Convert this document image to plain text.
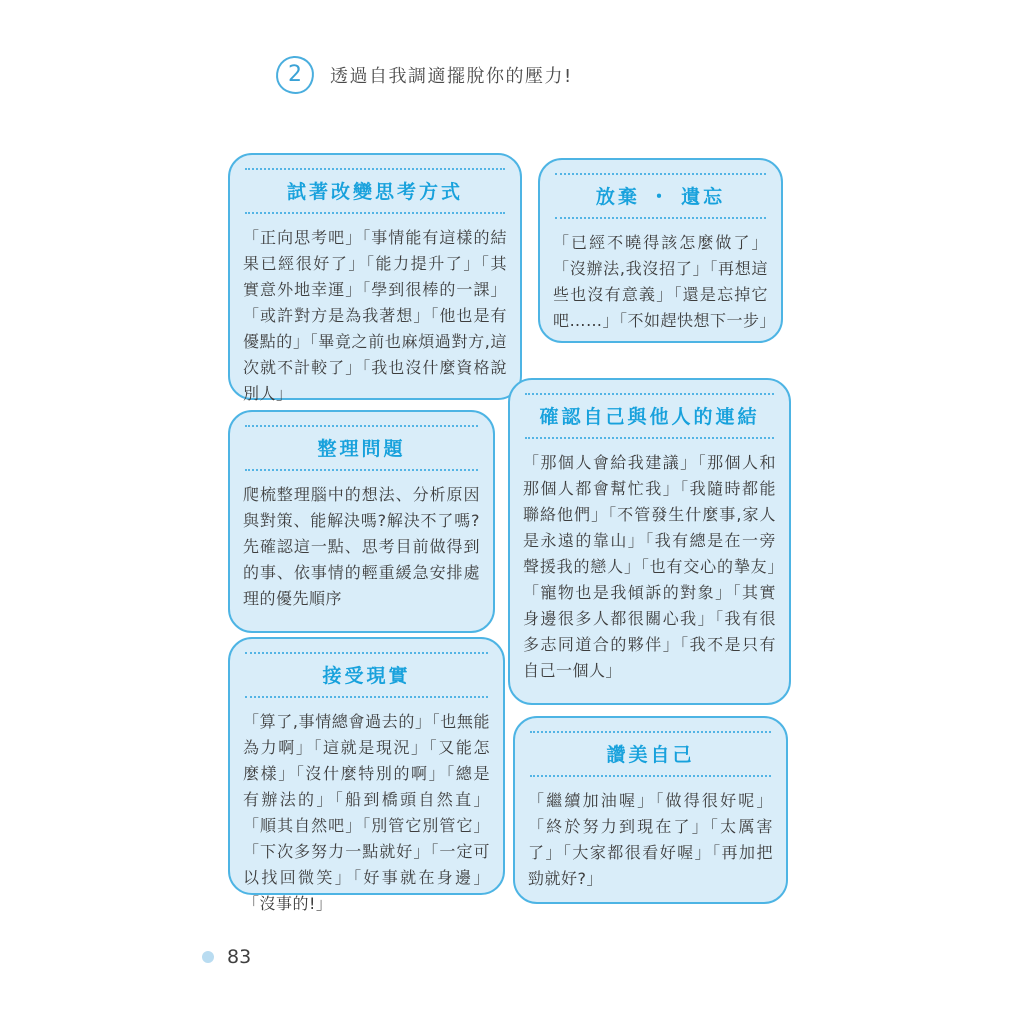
2 透過自我調適擺脫你的壓力!
試著改變思考方式

「正向思考吧」「事情能有這樣的結果已經很好了」「能力提升了」「其實意外地幸運」「學到很棒的一課」「或許對方是為我著想」「他也是有優點的」「畢竟之前也麻煩過對方,這次就不計較了」「我也沒什麼資格說別人」

放棄 ・ 遺忘

「已經不曉得該怎麼做了」「沒辦法,我沒招了」「再想這些也沒有意義」「還是忘掉它吧……」「不如趕快想下一步」

整理問題

爬梳整理腦中的想法、分析原因與對策、能解決嗎?解決不了嗎?先確認這一點、思考目前做得到的事、依事情的輕重緩急安排處理的優先順序

確認自己與他人的連結

「那個人會給我建議」「那個人和那個人都會幫忙我」「我隨時都能聯絡他們」「不管發生什麼事,家人是永遠的靠山」「我有總是在一旁聲援我的戀人」「也有交心的摯友」「寵物也是我傾訴的對象」「其實身邊很多人都很關心我」「我有很多志同道合的夥伴」「我不是只有自己一個人」

接受現實

「算了,事情總會過去的」「也無能為力啊」「這就是現況」「又能怎麼樣」「沒什麼特別的啊」「總是有辦法的」「船到橋頭自然直」「順其自然吧」「別管它別管它」「下次多努力一點就好」「一定可以找回微笑」「好事就在身邊」「沒事的!」

讚美自己

「繼續加油喔」「做得很好呢」「終於努力到現在了」「太厲害了」「大家都很看好喔」「再加把勁就好?」

83
